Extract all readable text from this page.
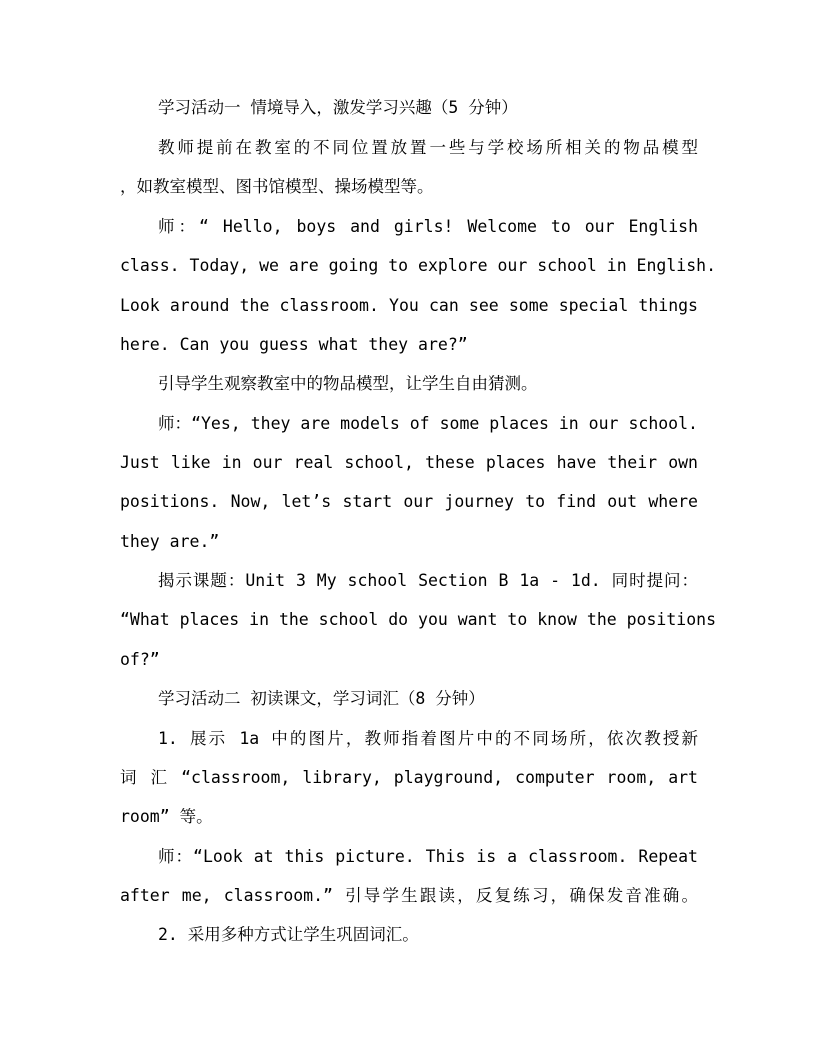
学习活动一 情境导入，激发学习兴趣（5 分钟）
教师提前在教室的不同位置放置一些与学校场所相关的物品模型
，如教室模型、图书馆模型、操场模型等。
师：“ Hello, boys and girls! Welcome to our English
class. Today, we are going to explore our school in English.
Look around the classroom. You can see some special things
here. Can you guess what they are?”
引导学生观察教室中的物品模型，让学生自由猜测。
师：“Yes, they are models of some places in our school.
Just like in our real school, these places have their own
positions. Now, let’s start our journey to find out where
they are.”
揭示课题：Unit 3 My school Section B 1a - 1d. 同时提问：
“What places in the school do you want to know the positions
of?”
学习活动二 初读课文，学习词汇（8 分钟）
1. 展示 1a 中的图片，教师指着图片中的不同场所，依次教授新
词 汇 “classroom, library, playground, computer room, art
room” 等。
师：“Look at this picture. This is a classroom. Repeat
after me, classroom.” 引导学生跟读，反复练习，确保发音准确。
2. 采用多种方式让学生巩固词汇。
